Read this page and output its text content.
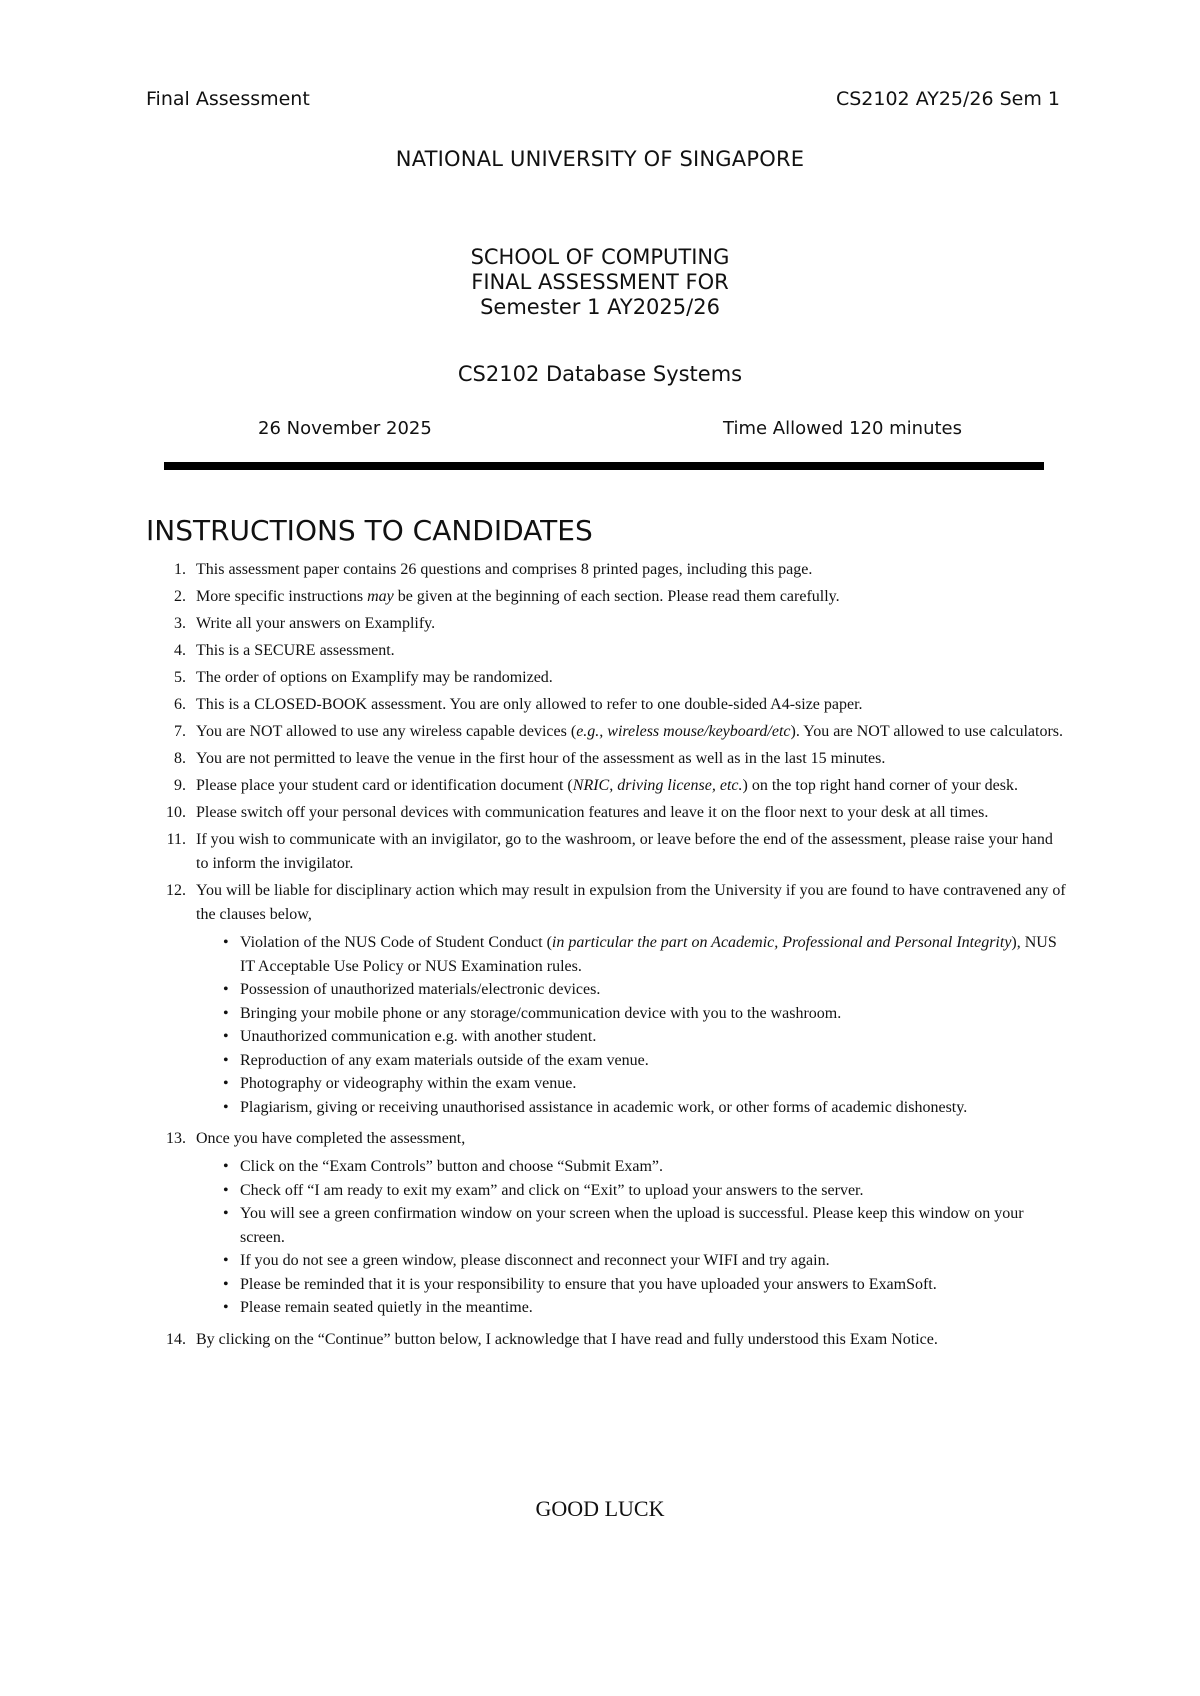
Final Assessment	CS2102 AY25/26 Sem 1
NATIONAL UNIVERSITY OF SINGAPORE
SCHOOL OF COMPUTING
FINAL ASSESSMENT FOR
Semester 1 AY2025/26
CS2102 Database Systems
26 November 2025	Time Allowed 120 minutes
INSTRUCTIONS TO CANDIDATES
1. This assessment paper contains 26 questions and comprises 8 printed pages, including this page.
2. More specific instructions may be given at the beginning of each section. Please read them carefully.
3. Write all your answers on Examplify.
4. This is a SECURE assessment.
5. The order of options on Examplify may be randomized.
6. This is a CLOSED-BOOK assessment. You are only allowed to refer to one double-sided A4-size paper.
7. You are NOT allowed to use any wireless capable devices (e.g., wireless mouse/keyboard/etc). You are NOT allowed to use calculators.
8. You are not permitted to leave the venue in the first hour of the assessment as well as in the last 15 minutes.
9. Please place your student card or identification document (NRIC, driving license, etc.) on the top right hand corner of your desk.
10. Please switch off your personal devices with communication features and leave it on the floor next to your desk at all times.
11. If you wish to communicate with an invigilator, go to the washroom, or leave before the end of the assessment, please raise your hand to inform the invigilator.
12. You will be liable for disciplinary action which may result in expulsion from the University if you are found to have contravened any of the clauses below,
• Violation of the NUS Code of Student Conduct (in particular the part on Academic, Professional and Personal Integrity), NUS IT Acceptable Use Policy or NUS Examination rules.
• Possession of unauthorized materials/electronic devices.
• Bringing your mobile phone or any storage/communication device with you to the washroom.
• Unauthorized communication e.g. with another student.
• Reproduction of any exam materials outside of the exam venue.
• Photography or videography within the exam venue.
• Plagiarism, giving or receiving unauthorised assistance in academic work, or other forms of academic dishonesty.
13. Once you have completed the assessment,
• Click on the “Exam Controls” button and choose “Submit Exam”.
• Check off “I am ready to exit my exam” and click on “Exit” to upload your answers to the server.
• You will see a green confirmation window on your screen when the upload is successful. Please keep this window on your screen.
• If you do not see a green window, please disconnect and reconnect your WIFI and try again.
• Please be reminded that it is your responsibility to ensure that you have uploaded your answers to ExamSoft.
• Please remain seated quietly in the meantime.
14. By clicking on the “Continue” button below, I acknowledge that I have read and fully understood this Exam Notice.
GOOD LUCK
